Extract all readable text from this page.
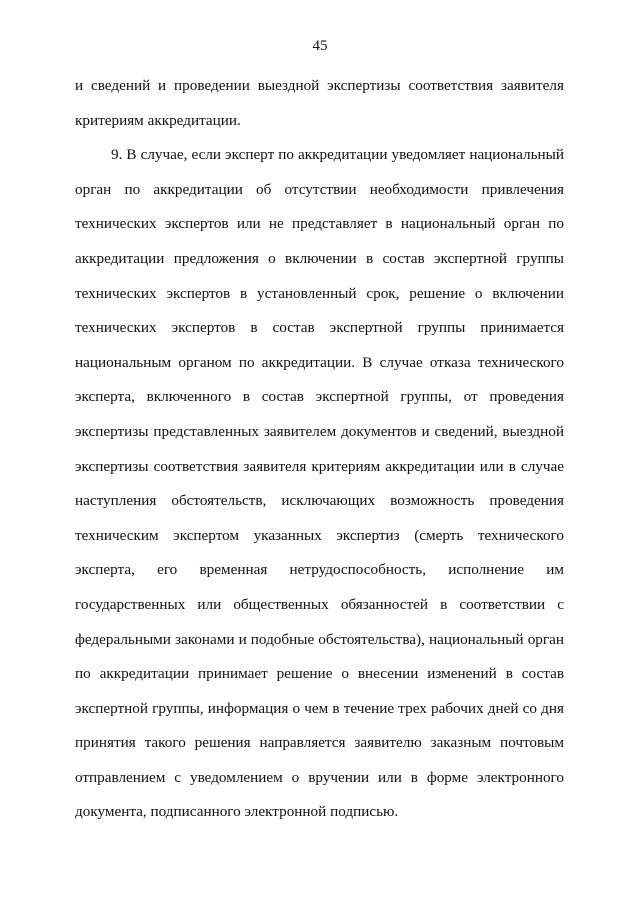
45
и сведений и проведении выездной экспертизы соответствия заявителя
критериям аккредитации.
9. В случае, если эксперт по аккредитации уведомляет национальный
орган по аккредитации об отсутствии необходимости привлечения
технических экспертов или не представляет в национальный орган по
аккредитации предложения о включении в состав экспертной группы
технических экспертов в установленный срок, решение о включении
технических экспертов в состав экспертной группы принимается
национальным органом по аккредитации. В случае отказа технического
эксперта, включенного в состав экспертной группы, от проведения
экспертизы представленных заявителем документов и сведений, выездной
экспертизы соответствия заявителя критериям аккредитации или в случае
наступления обстоятельств, исключающих возможность проведения
техническим экспертом указанных экспертиз (смерть технического
эксперта, его временная нетрудоспособность, исполнение им
государственных или общественных обязанностей в соответствии с
федеральными законами и подобные обстоятельства), национальный орган
по аккредитации принимает решение о внесении изменений в состав
экспертной группы, информация о чем в течение трех рабочих дней со дня
принятия такого решения направляется заявителю заказным почтовым
отправлением с уведомлением о вручении или в форме электронного
документа, подписанного электронной подписью.
